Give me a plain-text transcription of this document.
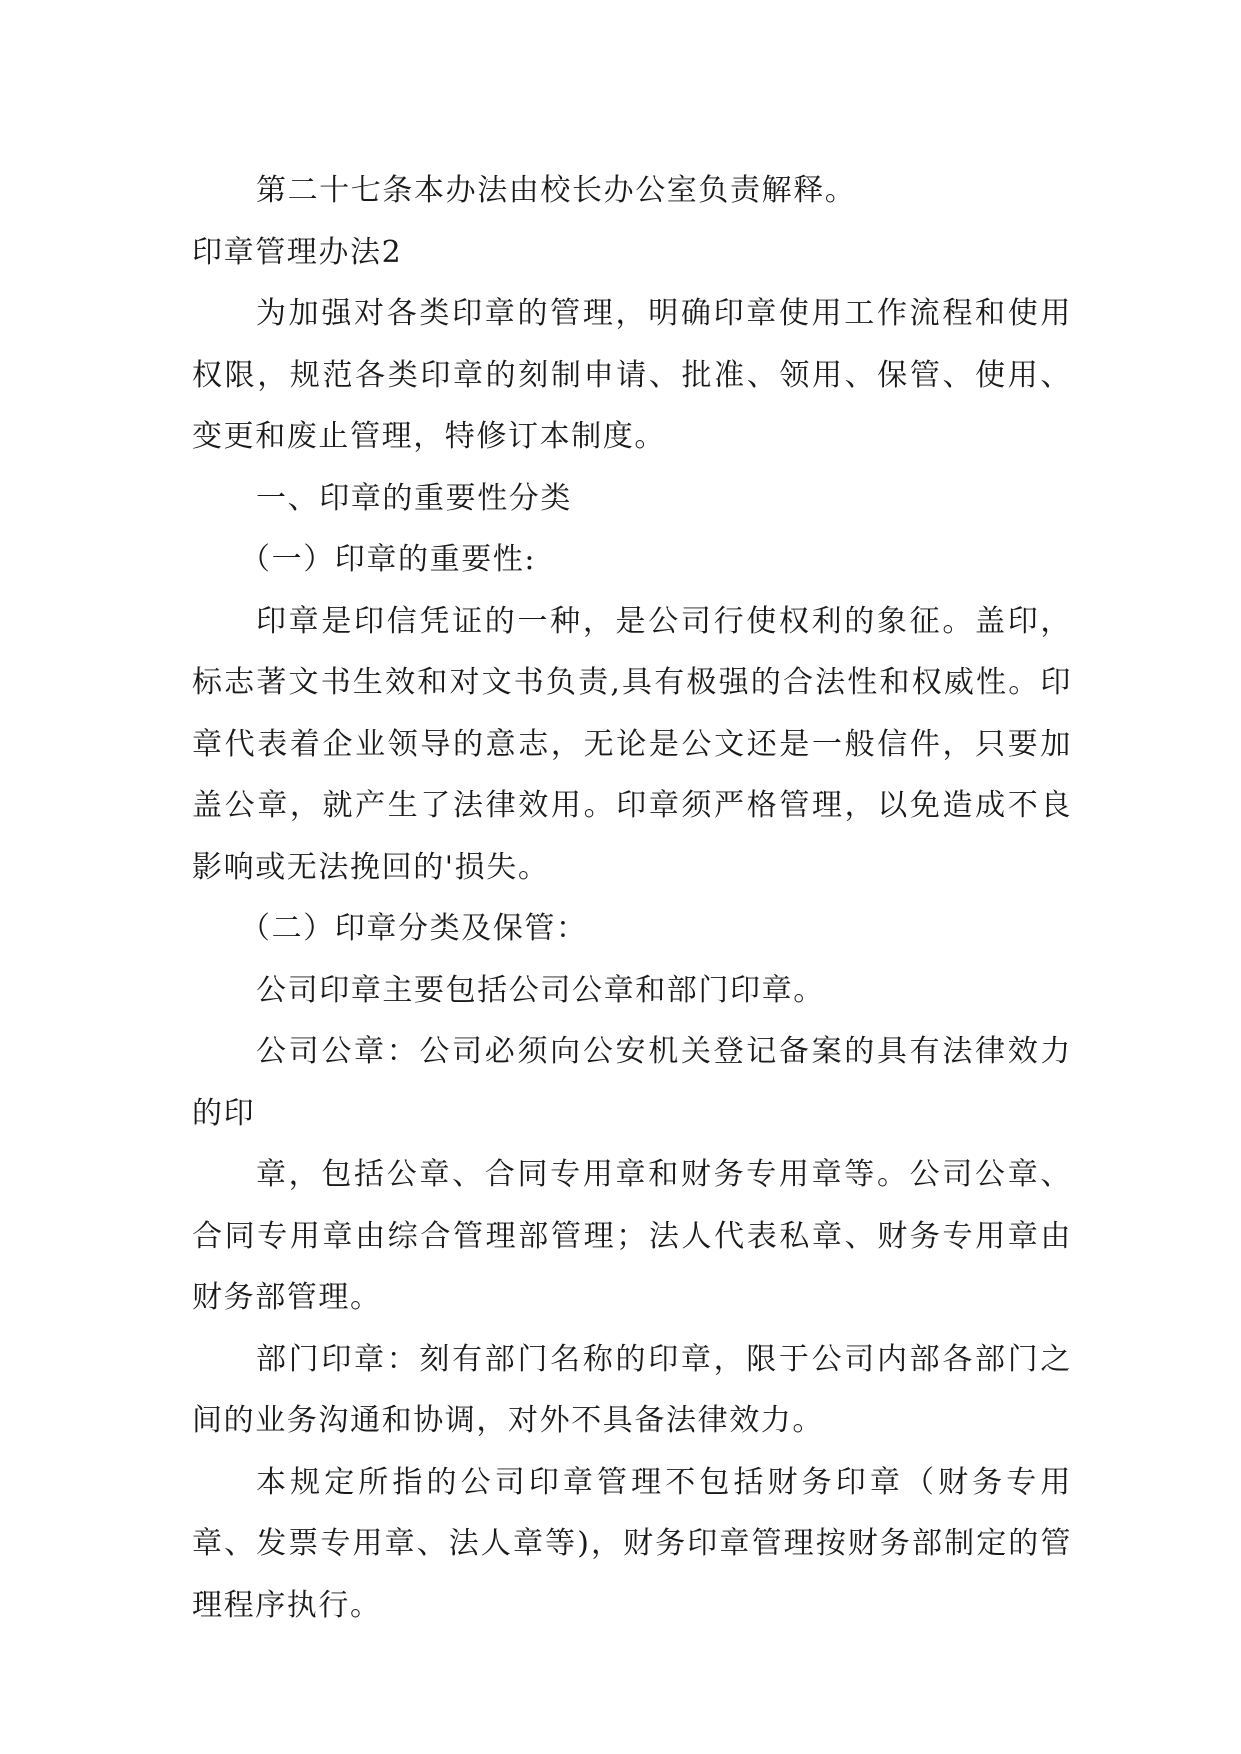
第二十七条本办法由校长办公室负责解释。

印章管理办法2

为加强对各类印章的管理，明确印章使用工作流程和使用权限，规范各类印章的刻制申请、批准、领用、保管、使用、变更和废止管理，特修订本制度。

一、印章的重要性分类

（一）印章的重要性:

印章是印信凭证的一种，是公司行使权利的象征。盖印，标志著文书生效和对文书负责,具有极强的合法性和权威性。印章代表着企业领导的意志，无论是公文还是一般信件，只要加盖公章，就产生了法律效用。印章须严格管理，以免造成不良影响或无法挽回的'损失。

（二）印章分类及保管：

公司印章主要包括公司公章和部门印章。

公司公章：公司必须向公安机关登记备案的具有法律效力的印

章，包括公章、合同专用章和财务专用章等。公司公章、合同专用章由综合管理部管理；法人代表私章、财务专用章由财务部管理。

部门印章：刻有部门名称的印章，限于公司内部各部门之间的业务沟通和协调，对外不具备法律效力。

本规定所指的公司印章管理不包括财务印章（财务专用章、发票专用章、法人章等)，财务印章管理按财务部制定的管理程序执行。
